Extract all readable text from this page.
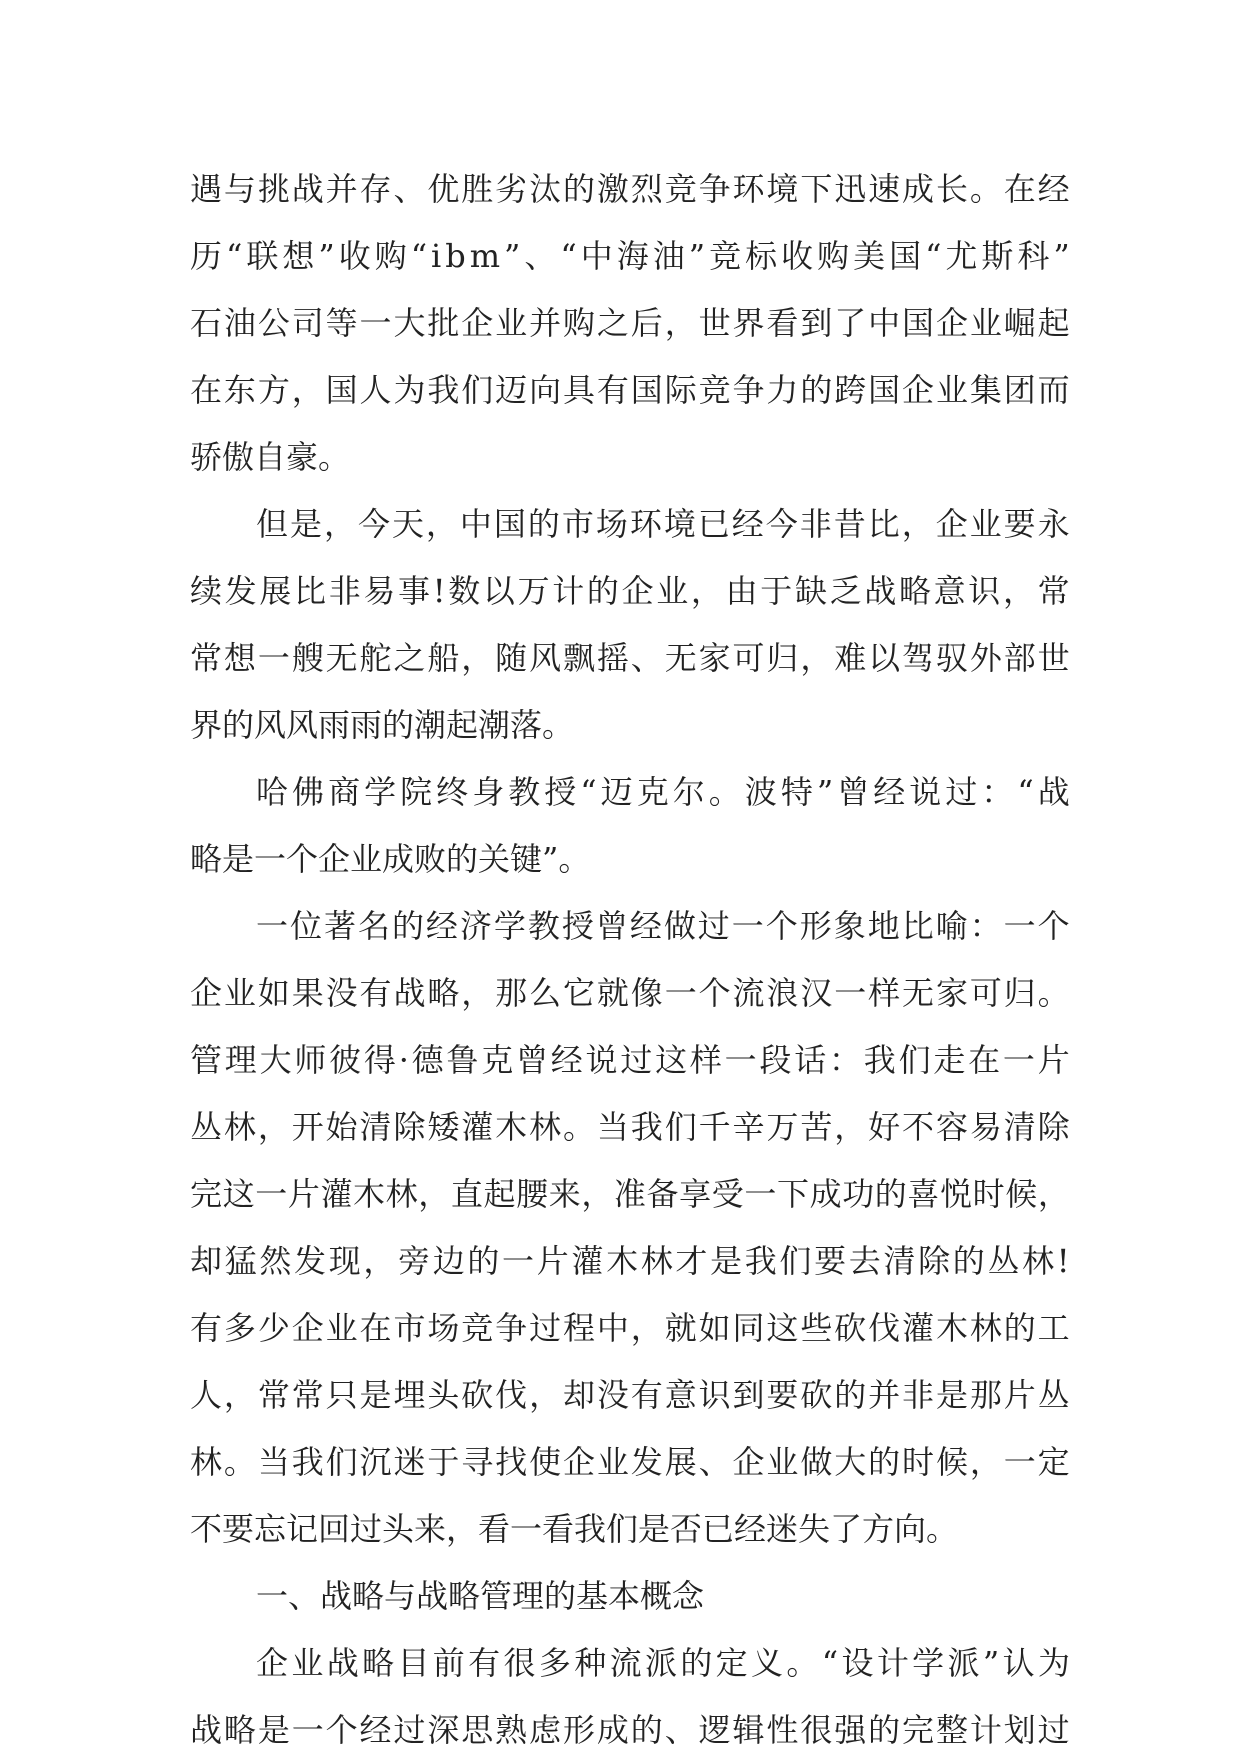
遇 与 挑 战 并 存 、 优 胜 劣 汰 的 激 烈 竞 争 环 境 下 迅 速 成 长 。 在 经
历 “ 联 想 ” 收 购 “ i b m ” 、 “ 中 海 油 ” 竞 标 收 购 美 国 “ 尤 斯 科 ”
石 油 公 司 等 一 大 批 企 业 并 购 之 后 ， 世 界 看 到 了 中 国 企 业 崛 起
在 东 方 ， 国 人 为 我 们 迈 向 具 有 国 际 竞 争 力 的 跨 国 企 业 集 团 而
骄傲自豪。
但 是 ， 今 天 ， 中 国 的 市 场 环 境 已 经 今 非 昔 比 ， 企 业 要 永
续 发 展 比 非 易 事 ! 数 以 万 计 的 企 业 ， 由 于 缺 乏 战 略 意 识 ， 常
常 想 一 艘 无 舵 之 船 ， 随 风 飘 摇 、 无 家 可 归 ， 难 以 驾 驭 外 部 世
界的风风雨雨的潮起潮落。
哈 佛 商 学 院 终 身 教 授 “ 迈 克 尔 。 波 特 ” 曾 经 说 过 ： “ 战
略是一个企业成败的关键”。
一 位 著 名 的 经 济 学 教 授 曾 经 做 过 一 个 形 象 地 比 喻 ： 一 个
企 业 如 果 没 有 战 略 ， 那 么 它 就 像 一 个 流 浪 汉 一 样 无 家 可 归 。
管 理 大 师 彼 得 · 德 鲁 克 曾 经 说 过 这 样 一 段 话 ： 我 们 走 在 一 片
丛 林 ， 开 始 清 除 矮 灌 木 林 。 当 我 们 千 辛 万 苦 ， 好 不 容 易 清 除
完 这 一 片 灌 木 林 ， 直 起 腰 来 ， 准 备 享 受 一 下 成 功 的 喜 悦 时 候 ，
却 猛 然 发 现 ， 旁 边 的 一 片 灌 木 林 才 是 我 们 要 去 清 除 的 丛 林 !
有 多 少 企 业 在 市 场 竞 争 过 程 中 ， 就 如 同 这 些 砍 伐 灌 木 林 的 工
人 ， 常 常 只 是 埋 头 砍 伐 ， 却 没 有 意 识 到 要 砍 的 并 非 是 那 片 丛
林 。 当 我 们 沉 迷 于 寻 找 使 企 业 发 展 、 企 业 做 大 的 时 候 ， 一 定
不要忘记回过头来，看一看我们是否已经迷失了方向。
一、战略与战略管理的基本概念
企 业 战 略 目 前 有 很 多 种 流 派 的 定 义 。 “ 设 计 学 派 ” 认 为
战 略 是 一 个 经 过 深 思 熟 虑 形 成 的 、 逻 辑 性 很 强 的 完 整 计 划 过
